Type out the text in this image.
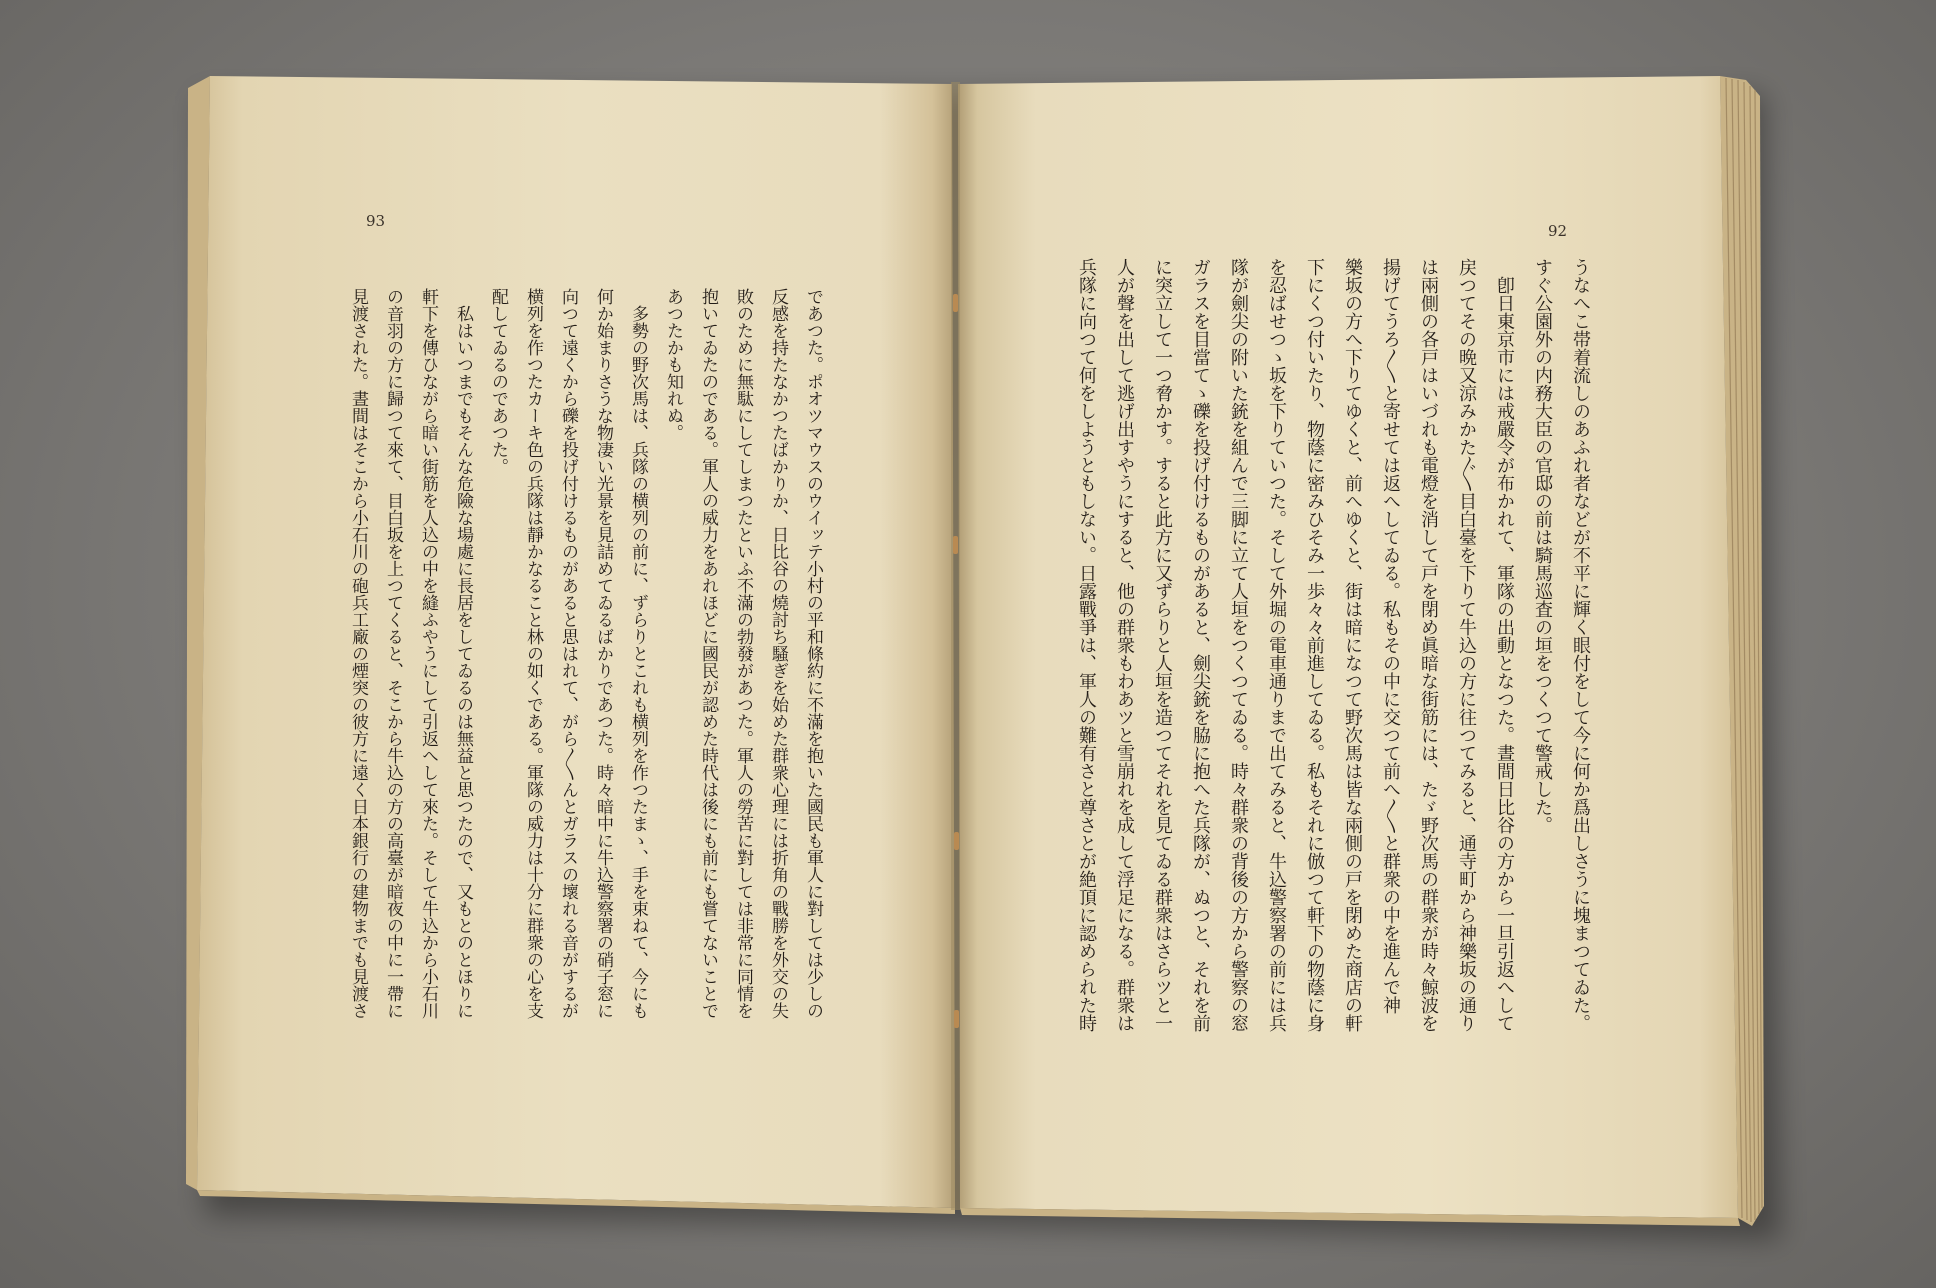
93
であつた。ポオツマウスのウイッテ小村の平和條約に不滿を抱いた國民も軍人に對しては少しの
反感を持たなかつたばかりか、日比谷の燒討ち騷ぎを始めた群衆心理には折角の戰勝を外交の失
敗のために無駄にしてしまつたといふ不滿の勃發があつた。軍人の勞苦に對しては非常に同情を
抱いてゐたのである。軍人の威力をあれほどに國民が認めた時代は後にも前にも嘗てないことで
あつたかも知れぬ。
　多勢の野次馬は、兵隊の横列の前に、ずらりとこれも横列を作つたまゝ、手を束ねて、今にも
何か始まりさうな物凄い光景を見詰めてゐるばかりであつた。時々暗中に牛込警察署の硝子窓に
向つて遠くから礫を投げ付けるものがあると思はれて、がら〱んとガラスの壞れる音がするが
横列を作つたカーキ色の兵隊は靜かなること林の如くである。軍隊の威力は十分に群衆の心を支
配してゐるのであつた。
　私はいつまでもそんな危險な場處に長居をしてゐるのは無益と思つたので、又もとのとほりに
軒下を傳ひながら暗い街筋を人込の中を縫ふやうにして引返へして來た。そして牛込から小石川
の音羽の方に歸つて來て、目白坂を上つてくると、そこから牛込の方の高臺が暗夜の中に一帶に
見渡された。晝間はそこから小石川の砲兵工廠の煙突の彼方に遠く日本銀行の建物までも見渡さ
92
うなへこ帯着流しのあふれ者などが不平に輝く眼付をして今に何か爲出しさうに塊まつてゐた。
すぐ公園外の内務大臣の官邸の前は騎馬巡査の垣をつくつて警戒した。
　卽日東京市には戒嚴令が布かれて、軍隊の出動となつた。晝間日比谷の方から一旦引返へして
戻つてその晩又涼みかた〲目白臺を下りて牛込の方に往つてみると、通寺町から神樂坂の通り
は兩側の各戸はいづれも電燈を消して戸を閉め眞暗な街筋には、たゞ野次馬の群衆が時々鯨波を
揚げてうろ〱と寄せては返へしてゐる。私もその中に交つて前へ〱と群衆の中を進んで神
樂坂の方へ下りてゆくと、前へゆくと、街は暗になつて野次馬は皆な兩側の戸を閉めた商店の軒
下にくつ付いたり、物蔭に密みひそみ一歩々々前進してゐる。私もそれに倣つて軒下の物蔭に身
を忍ばせつゝ坂を下りていつた。そして外堀の電車通りまで出てみると、牛込警察署の前には兵
隊が劍尖の附いた銃を組んで三脚に立て人垣をつくつてゐる。時々群衆の背後の方から警察の窓
ガラスを目當てゝ礫を投げ付けるものがあると、劍尖銃を脇に抱へた兵隊が、ぬつと、それを前
に突立して一つ脅かす。すると此方に又ずらりと人垣を造つてそれを見てゐる群衆はさらツと一
人が聲を出して逃げ出すやうにすると、他の群衆もわあツと雪崩れを成して浮足になる。群衆は
兵隊に向つて何をしようともしない。日露戰爭は、軍人の難有さと尊さとが絶頂に認められた時
